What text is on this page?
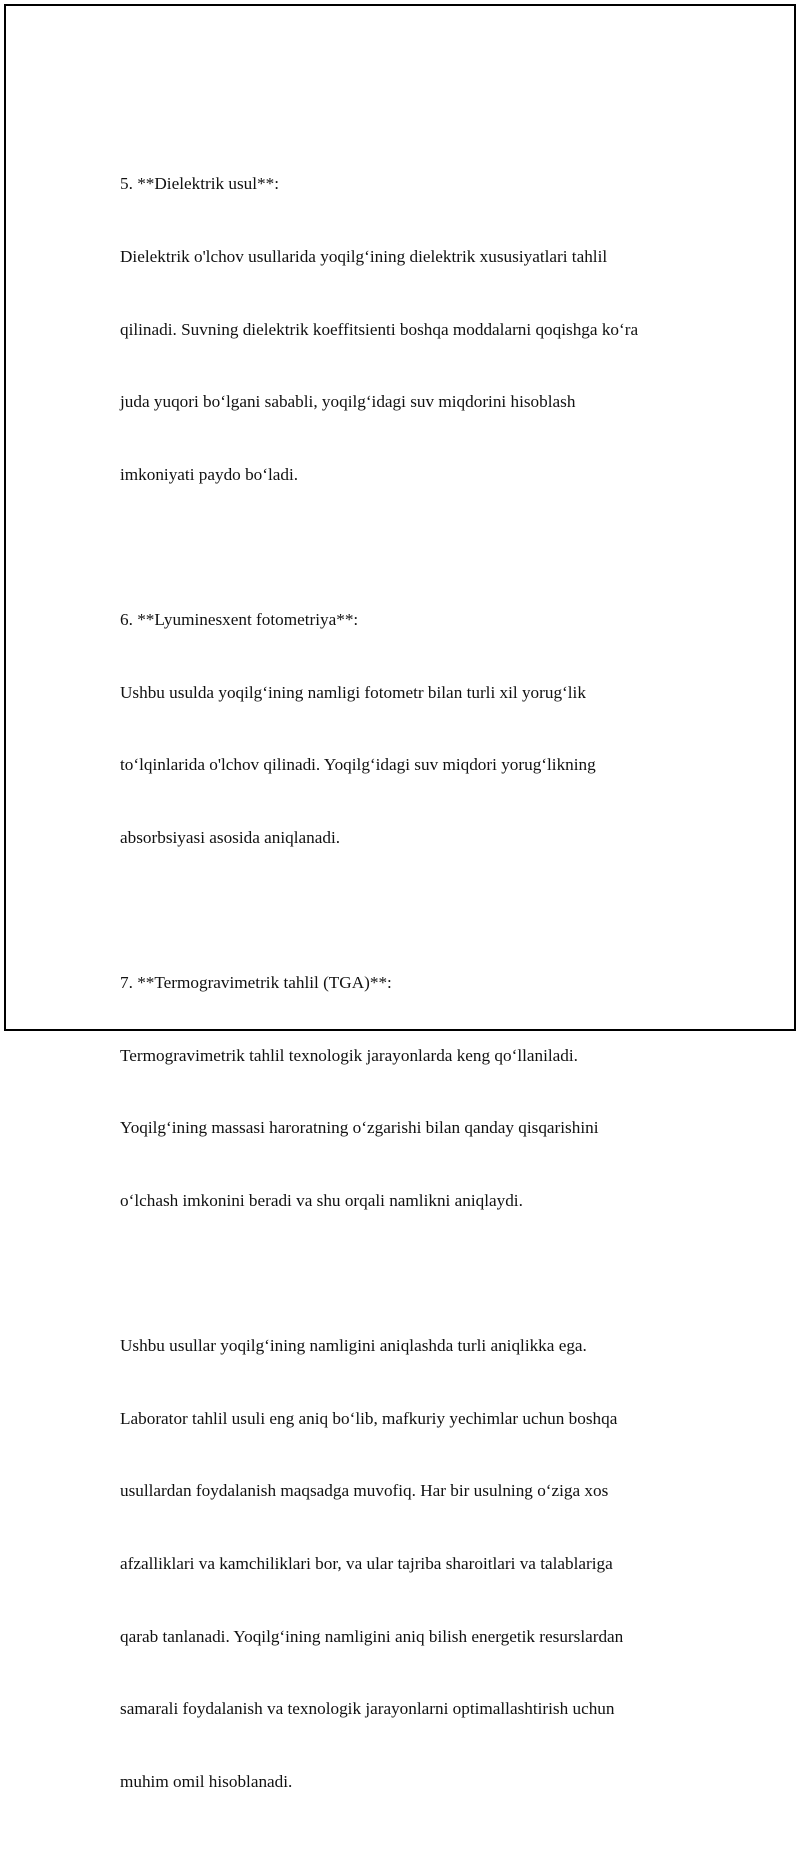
5. **Dielektrik usul**:

Dielektrik o'lchov usullarida yoqilg‘ining dielektrik xususiyatlari tahlil

qilinadi. Suvning dielektrik koeffitsienti boshqa moddalarni qoqishga ko‘ra

juda yuqori bo‘lgani sababli, yoqilg‘idagi suv miqdorini hisoblash

imkoniyati paydo bo‘ladi.

6. **Lyuminesxent fotometriya**:

Ushbu usulda yoqilg‘ining namligi fotometr bilan turli xil yorug‘lik

to‘lqinlarida o'lchov qilinadi. Yoqilg‘idagi suv miqdori yorug‘likning

absorbsiyasi asosida aniqlanadi.

7. **Termogravimetrik tahlil (TGA)**:

Termogravimetrik tahlil texnologik jarayonlarda keng qo‘llaniladi.

Yoqilg‘ining massasi haroratning o‘zgarishi bilan qanday qisqarishini

o‘lchash imkonini beradi va shu orqali namlikni aniqlaydi.

Ushbu usullar yoqilg‘ining namligini aniqlashda turli aniqlikka ega.

Laborator tahlil usuli eng aniq bo‘lib, mafkuriy yechimlar uchun boshqa

usullardan foydalanish maqsadga muvofiq. Har bir usulning o‘ziga xos

afzalliklari va kamchiliklari bor, va ular tajriba sharoitlari va talablariga

qarab tanlanadi. Yoqilg‘ining namligini aniq bilish energetik resurslardan

samarali foydalanish va texnologik jarayonlarni optimallashtirish uchun

muhim omil hisoblanadi.
